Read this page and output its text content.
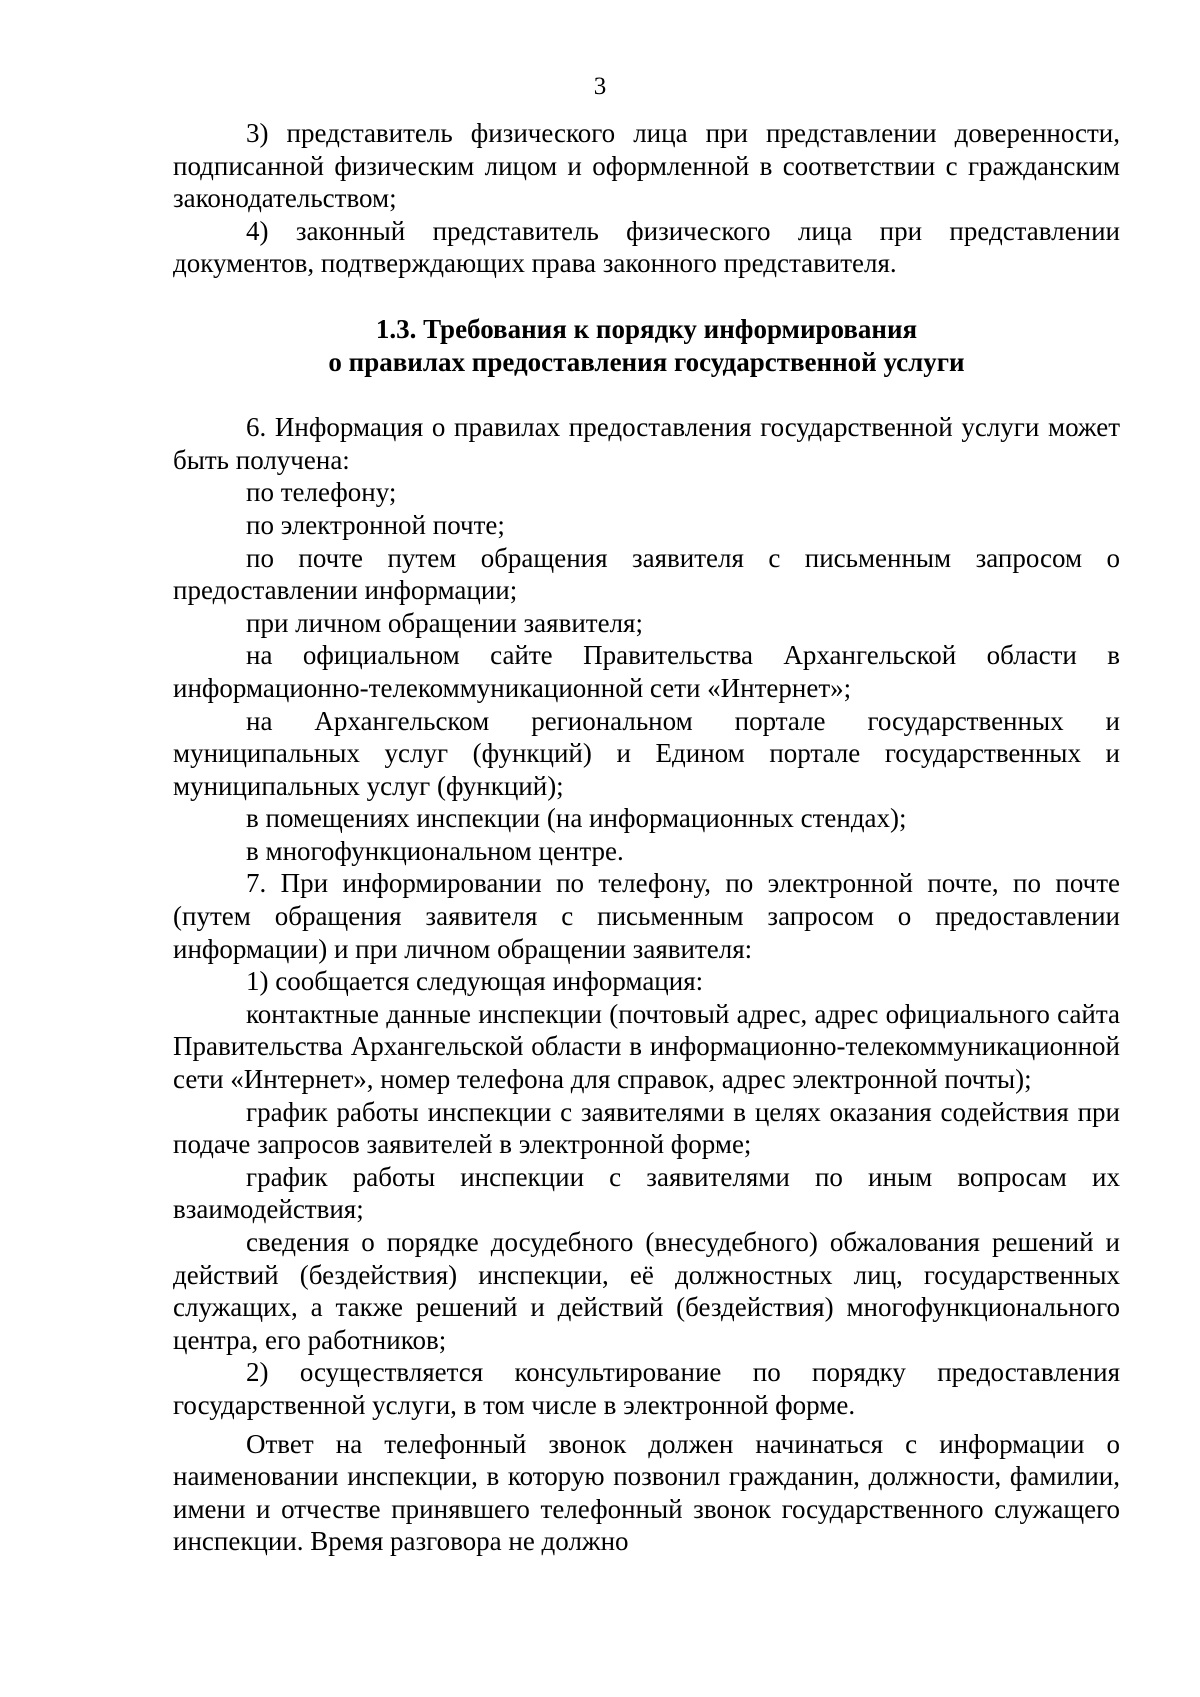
3

3) представитель физического лица при представлении доверенности, подписанной физическим лицом и оформленной в соответствии с гражданским законодательством;

4) законный представитель физического лица при представлении документов, подтверждающих права законного представителя.

1.3. Требования к порядку информирования
о правилах предоставления государственной услуги

6. Информация о правилах предоставления государственной услуги может быть получена:

по телефону;

по электронной почте;

по почте путем обращения заявителя с письменным запросом о предоставлении информации;

при личном обращении заявителя;

на официальном сайте Правительства Архангельской области в информационно-телекоммуникационной сети «Интернет»;

на Архангельском региональном портале государственных и муниципальных услуг (функций) и Едином портале государственных и муниципальных услуг (функций);

в помещениях инспекции (на информационных стендах);

в многофункциональном центре.

7. При информировании по телефону, по электронной почте, по почте (путем обращения заявителя с письменным запросом о предоставлении информации) и при личном обращении заявителя:

1) сообщается следующая информация:

контактные данные инспекции (почтовый адрес, адрес официального сайта Правительства Архангельской области в информационно-телекоммуникационной сети «Интернет», номер телефона для справок, адрес электронной почты);

график работы инспекции с заявителями в целях оказания содействия при подаче запросов заявителей в электронной форме;

график работы инспекции с заявителями по иным вопросам их взаимодействия;

сведения о порядке досудебного (внесудебного) обжалования решений и действий (бездействия) инспекции, её должностных лиц, государственных служащих, а также решений и действий (бездействия) многофункционального центра, его работников;

2) осуществляется консультирование по порядку предоставления государственной услуги, в том числе в электронной форме.

Ответ на телефонный звонок должен начинаться с информации о наименовании инспекции, в которую позвонил гражданин, должности, фамилии, имени и отчестве принявшего телефонный звонок государственного служащего инспекции. Время разговора не должно
